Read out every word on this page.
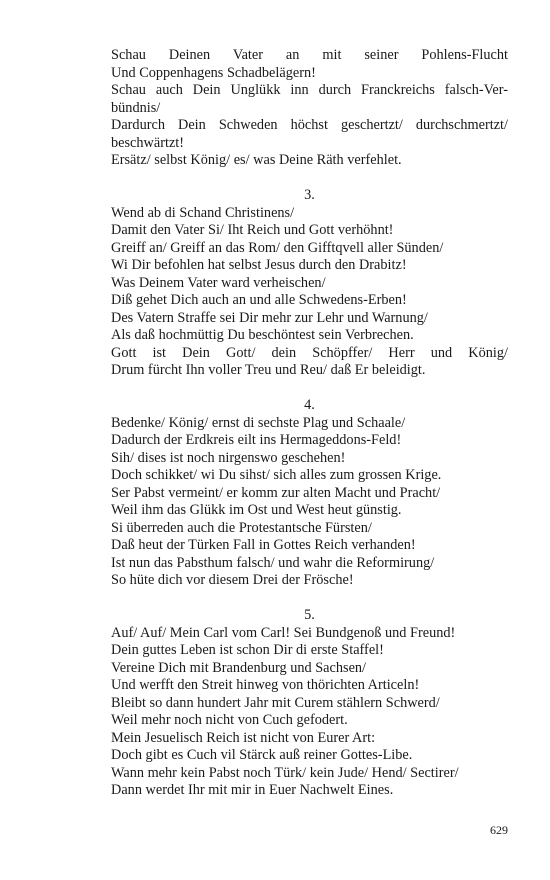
Schau Deinen Vater an mit seiner Pohlens-Flucht

Und Coppenhagens Schadbelägern!

Schau auch Dein Unglükk inn durch Franckreichs falsch-Ver-

bündnis/

Dardurch Dein Schweden höchst geschertzt/ durchschmertzt/

beschwärtzt!

Ersätz/ selbst König/ es/ was Deine Räth verfehlet.

3.

Wend ab di Schand Christinens/

Damit den Vater Si/ Iht Reich und Gott verhöhnt!

Greiff an/ Greiff an das Rom/ den Gifftqvell aller Sünden/

Wi Dir befohlen hat selbst Jesus durch den Drabitz!

Was Deinem Vater ward verheischen/

Diß gehet Dich auch an und alle Schwedens-Erben!

Des Vatern Straffe sei Dir mehr zur Lehr und Warnung/

Als daß hochmüttig Du beschöntest sein Verbrechen.

Gott ist Dein Gott/ dein Schöpffer/ Herr und König/

Drum fürcht Ihn voller Treu und Reu/ daß Er beleidigt.

4.

Bedenke/ König/ ernst di sechste Plag und Schaale/

Dadurch der Erdkreis eilt ins Hermageddons-Feld!

Sih/ dises ist noch nirgenswo geschehen!

Doch schikket/ wi Du sihst/ sich alles zum grossen Krige.

Ser Pabst vermeint/ er komm zur alten Macht und Pracht/

Weil ihm das Glükk im Ost und West heut günstig.

Si überreden auch die Protestantsche Fürsten/

Daß heut der Türken Fall in Gottes Reich verhanden!

Ist nun das Pabsthum falsch/ und wahr die Reformirung/

So hüte dich vor diesem Drei der Frösche!

5.

Auf/ Auf/ Mein Carl vom Carl! Sei Bundgenoß und Freund!

Dein guttes Leben ist schon Dir di erste Staffel!

Vereine Dich mit Brandenburg und Sachsen/

Und werfft den Streit hinweg von thörichten Articeln!

Bleibt so dann hundert Jahr mit Curem stählern Schwerd/

Weil mehr noch nicht von Cuch gefodert.

Mein Jesuelisch Reich ist nicht von Eurer Art:

Doch gibt es Cuch vil Stärck auß reiner Gottes-Libe.

Wann mehr kein Pabst noch Türk/ kein Jude/ Hend/ Sectirer/

Dann werdet Ihr mit mir in Euer Nachwelt Eines.

629
